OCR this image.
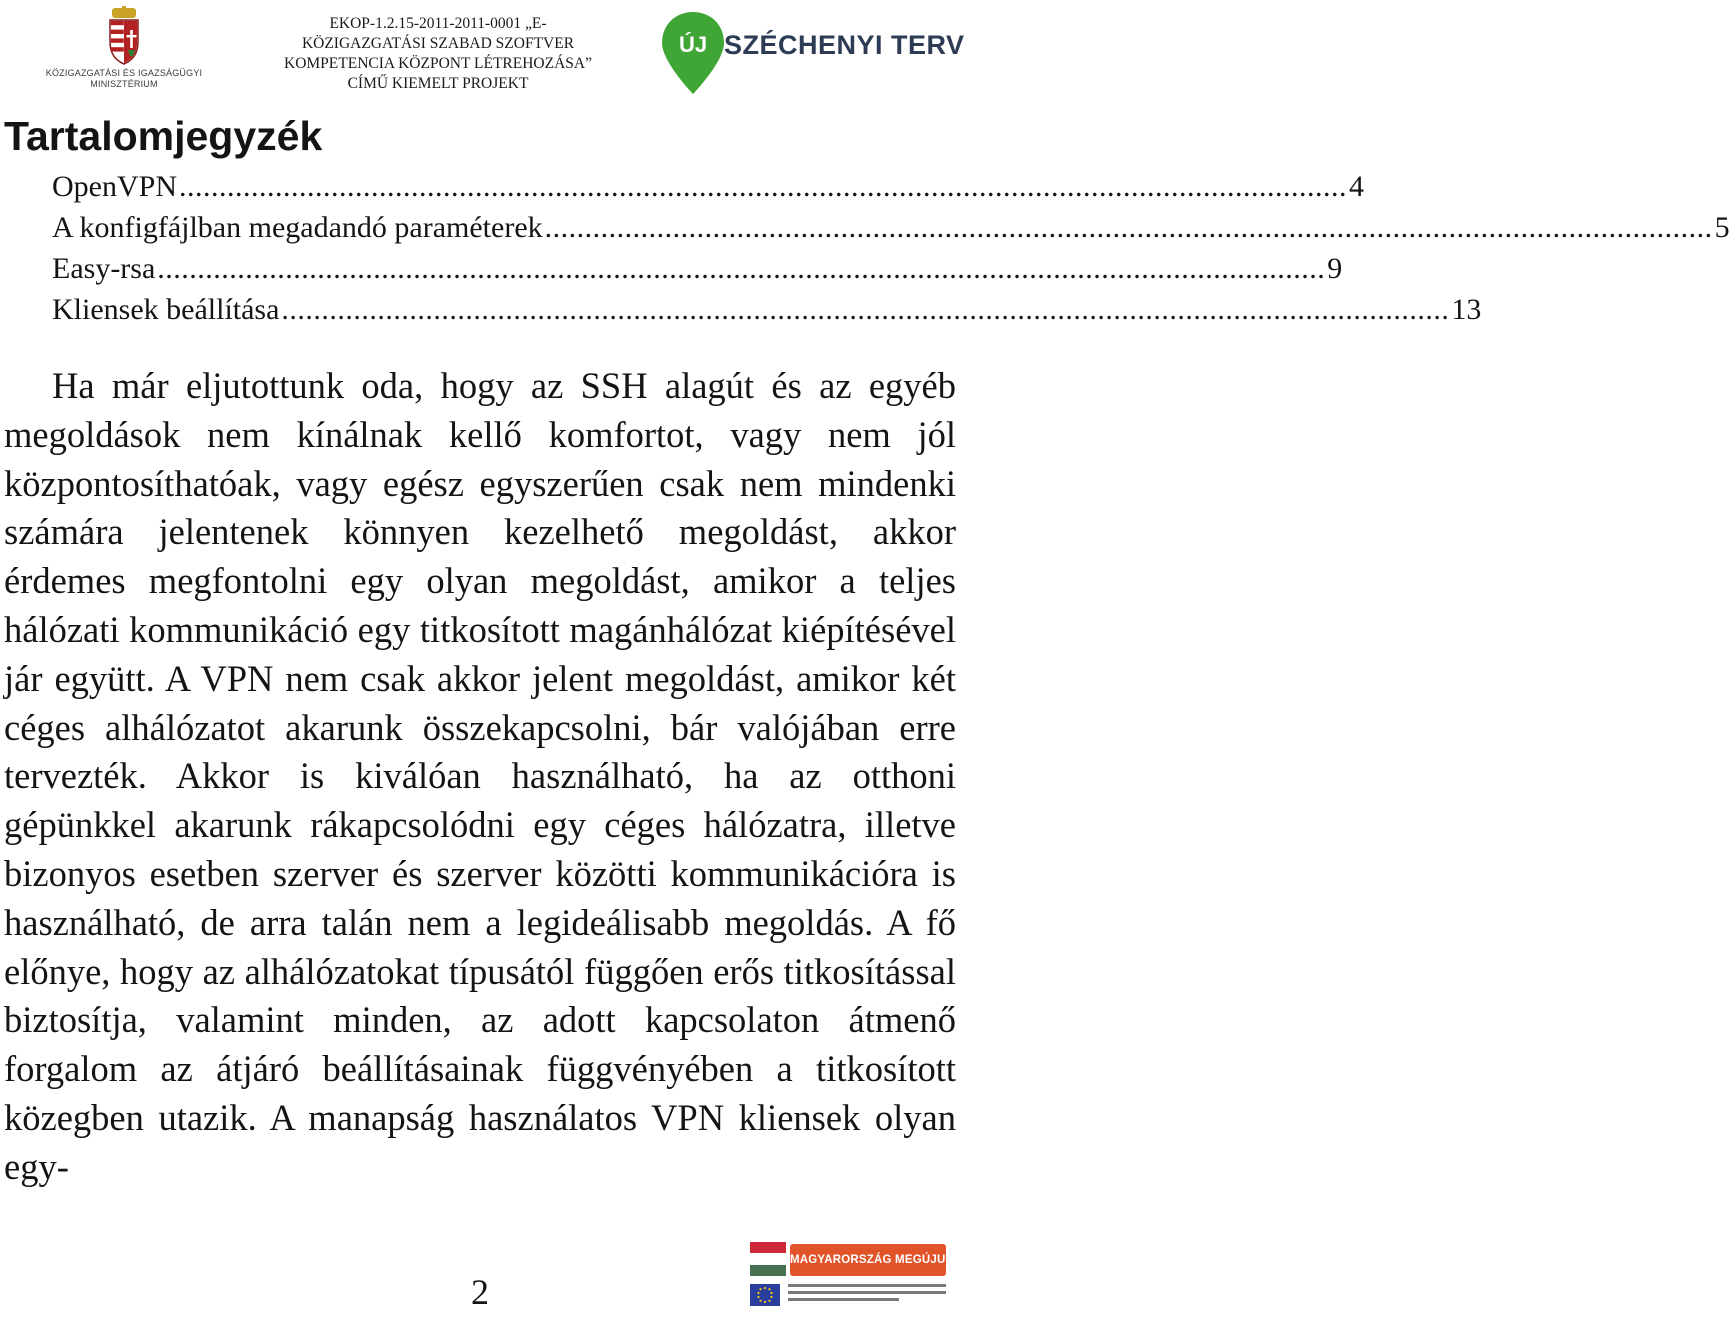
KÖZIGAZGATÁSI ÉS IGAZSÁGÜGYI
MINISZTÉRIUM
EKOP-1.2.15-2011-2011-0001 „E-
KÖZIGAZGATÁSI SZABAD SZOFTVER
KOMPETENCIA KÖZPONT LÉTREHOZÁSA”
CÍMŰ KIEMELT PROJEKT
ÚJ SZÉCHENYI TERV
Tartalomjegyzék
OpenVPN .................................................................................................................................................. 4
A konfigfájlban megadandó paraméterek .................................................................................................................................................. 5
Easy-rsa .................................................................................................................................................. 9
Kliensek beállítása .................................................................................................................................................. 13

Ha már eljutottunk oda, hogy az SSH alagút és az egyéb megoldások nem kínálnak kellő komfortot, vagy nem jól központosíthatóak, vagy egész egyszerűen csak nem mindenki számára jelentenek könnyen kezelhető megoldást, akkor érdemes megfontolni egy olyan megoldást, amikor a teljes hálózati kommunikáció egy titkosított magánhálózat kiépítésével jár együtt. A VPN nem csak akkor jelent megoldást, amikor két céges alhálózatot akarunk összekapcsolni, bár valójában erre tervezték. Akkor is kiválóan használható, ha az otthoni gépünkkel akarunk rákapcsolódni egy céges hálózatra, illetve bizonyos esetben szerver és szerver közötti kommunikációra is használható, de arra talán nem a legideálisabb megoldás. A fő előnye, hogy az alhálózatokat típusától függően erős titkosítással biztosítja, valamint minden, az adott kapcsolaton átmenő forgalom az átjáró beállításainak függvényében a titkosított közegben utazik. A manapság használatos VPN kliensek olyan egy-

2
MAGYARORSZÁG MEGÚJUL
